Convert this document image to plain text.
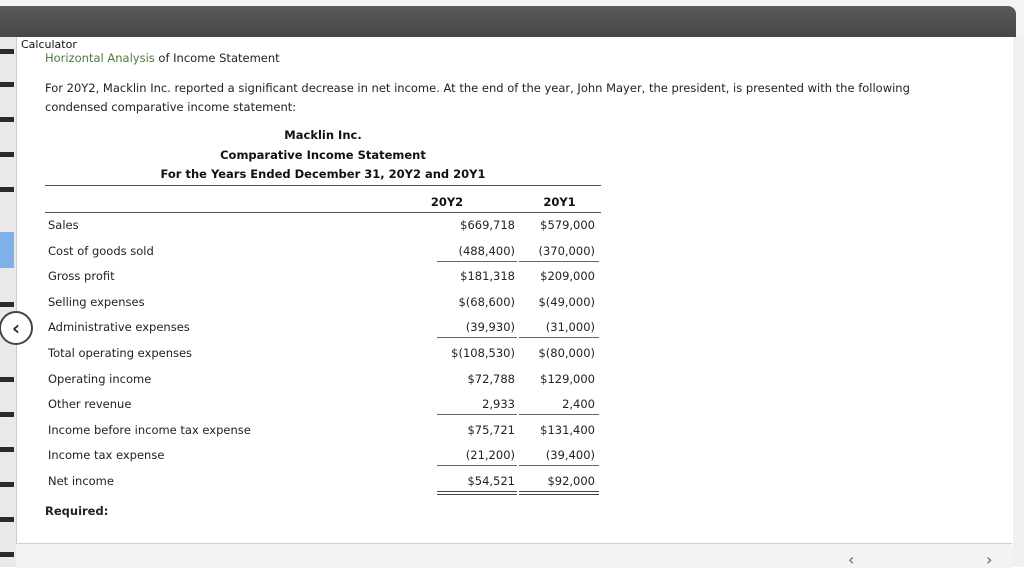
Calculator
Horizontal Analysis of Income Statement
For 20Y2, Macklin Inc. reported a significant decrease in net income. At the end of the year, John Mayer, the president, is presented with the following condensed comparative income statement:
Macklin Inc.
Comparative Income Statement
For the Years Ended December 31, 20Y2 and 20Y1
20Y2	20Y1
Sales	$669,718	$579,000
Cost of goods sold	(488,400)	(370,000)
Gross profit	$181,318	$209,000
Selling expenses	$(68,600)	$(49,000)
Administrative expenses	(39,930)	(31,000)
Total operating expenses	$(108,530)	$(80,000)
Operating income	$72,788	$129,000
Other revenue	2,933	2,400
Income before income tax expense	$75,721	$131,400
Income tax expense	(21,200)	(39,400)
Net income	$54,521	$92,000
Required:
‹
‹	›
